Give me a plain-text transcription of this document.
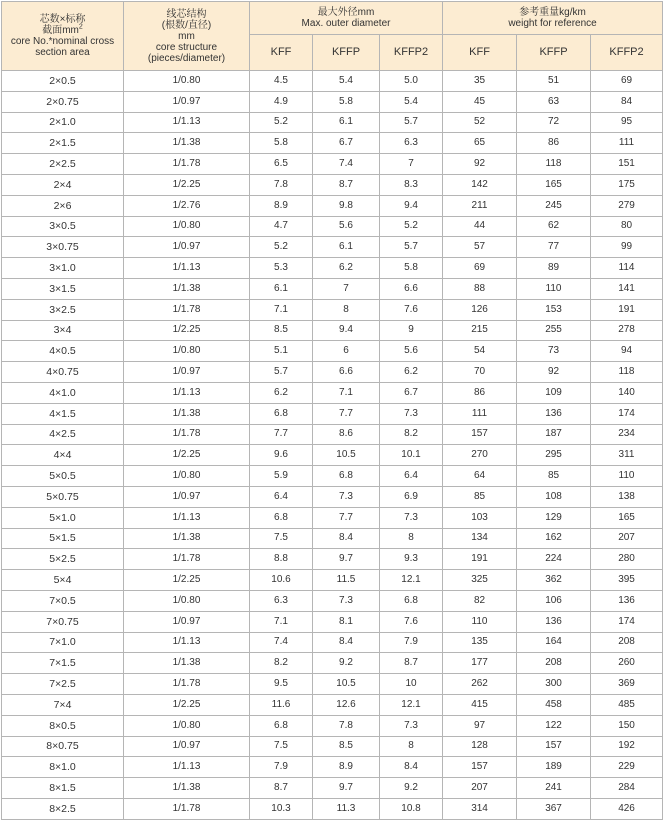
芯数×标称
截面$mm^2$
core No.*nominal cross
section area	线芯结构
(根数/直径)
mm
core structure
(pieces/diameter)	最大外径mm
Max. outer diameter			参考重量kg/km
weight for reference		

		KFF	KFFP	KFFP2	KFF	KFFP	KFFP2
2×0.5	1/0.80	4.5	5.4	5.0	35	51	69
2×0.75	1/0.97	4.9	5.8	5.4	45	63	84
2×1.0	1/1.13	5.2	6.1	5.7	52	72	95
2×1.5	1/1.38	5.8	6.7	6.3	65	86	111
2×2.5	1/1.78	6.5	7.4	7	92	118	151
2×4	1/2.25	7.8	8.7	8.3	142	165	175
2×6	1/2.76	8.9	9.8	9.4	211	245	279
3×0.5	1/0.80	4.7	5.6	5.2	44	62	80
3×0.75	1/0.97	5.2	6.1	5.7	57	77	99
3×1.0	1/1.13	5.3	6.2	5.8	69	89	114
3×1.5	1/1.38	6.1	7	6.6	88	110	141
3×2.5	1/1.78	7.1	8	7.6	126	153	191
3×4	1/2.25	8.5	9.4	9	215	255	278
4×0.5	1/0.80	5.1	6	5.6	54	73	94
4×0.75	1/0.97	5.7	6.6	6.2	70	92	118
4×1.0	1/1.13	6.2	7.1	6.7	86	109	140
4×1.5	1/1.38	6.8	7.7	7.3	111	136	174
4×2.5	1/1.78	7.7	8.6	8.2	157	187	234
4×4	1/2.25	9.6	10.5	10.1	270	295	311
5×0.5	1/0.80	5.9	6.8	6.4	64	85	110
5×0.75	1/0.97	6.4	7.3	6.9	85	108	138
5×1.0	1/1.13	6.8	7.7	7.3	103	129	165
5×1.5	1/1.38	7.5	8.4	8	134	162	207
5×2.5	1/1.78	8.8	9.7	9.3	191	224	280
5×4	1/2.25	10.6	11.5	12.1	325	362	395
7×0.5	1/0.80	6.3	7.3	6.8	82	106	136
7×0.75	1/0.97	7.1	8.1	7.6	110	136	174
7×1.0	1/1.13	7.4	8.4	7.9	135	164	208
7×1.5	1/1.38	8.2	9.2	8.7	177	208	260
7×2.5	1/1.78	9.5	10.5	10	262	300	369
7×4	1/2.25	11.6	12.6	12.1	415	458	485
8×0.5	1/0.80	6.8	7.8	7.3	97	122	150
8×0.75	1/0.97	7.5	8.5	8	128	157	192
8×1.0	1/1.13	7.9	8.9	8.4	157	189	229
8×1.5	1/1.38	8.7	9.7	9.2	207	241	284
8×2.5	1/1.78	10.3	11.3	10.8	314	367	426
